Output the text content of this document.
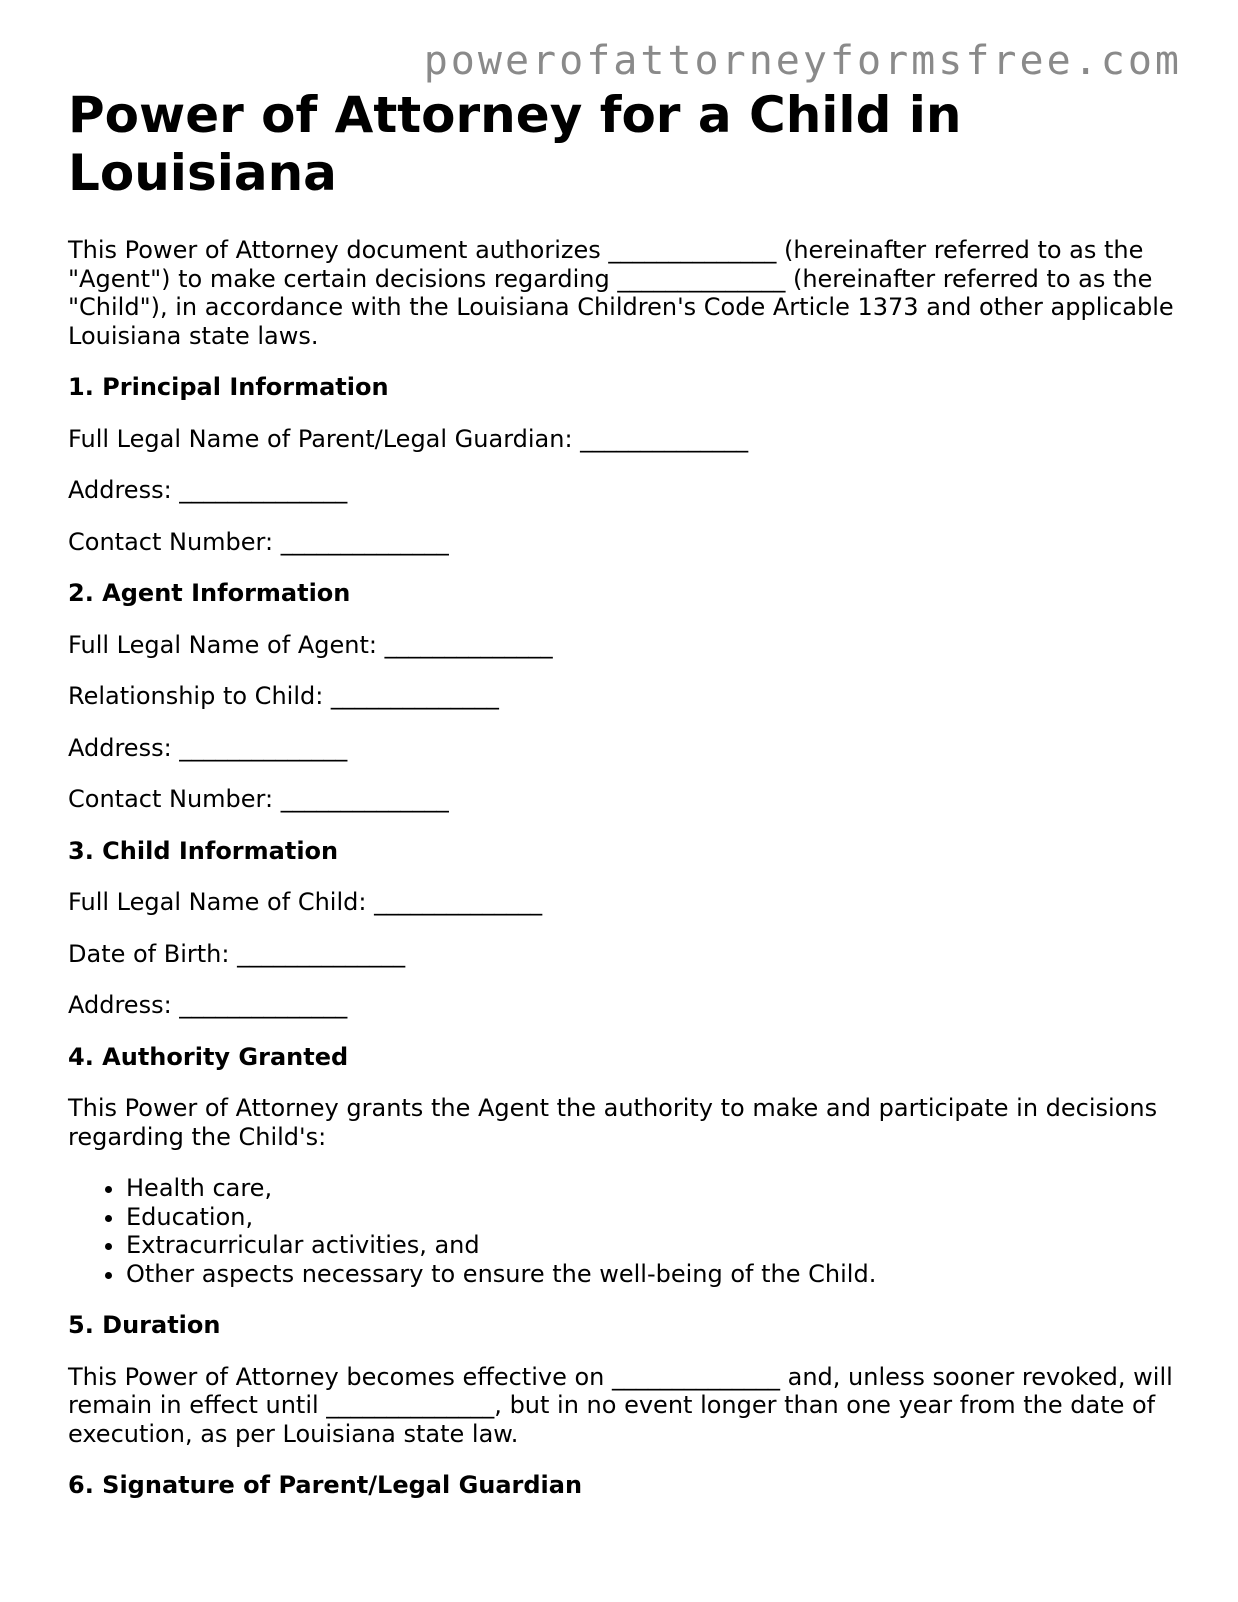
powerofattorneyformsfree.com
Power of Attorney for a Child in Louisiana

This Power of Attorney document authorizes ______________ (hereinafter referred to as the "Agent") to make certain decisions regarding ______________ (hereinafter referred to as the "Child"), in accordance with the Louisiana Children's Code Article 1373 and other applicable Louisiana state laws.

1. Principal Information

Full Legal Name of Parent/Legal Guardian: ______________

Address: ______________

Contact Number: ______________

2. Agent Information

Full Legal Name of Agent: ______________

Relationship to Child: ______________

Address: ______________

Contact Number: ______________

3. Child Information

Full Legal Name of Child: ______________

Date of Birth: ______________

Address: ______________

4. Authority Granted

This Power of Attorney grants the Agent the authority to make and participate in decisions regarding the Child's:

• Health care,
• Education,
• Extracurricular activities, and
• Other aspects necessary to ensure the well-being of the Child.
5. Duration

This Power of Attorney becomes effective on ______________ and, unless sooner revoked, will remain in effect until ______________, but in no event longer than one year from the date of execution, as per Louisiana state law.

6. Signature of Parent/Legal Guardian
